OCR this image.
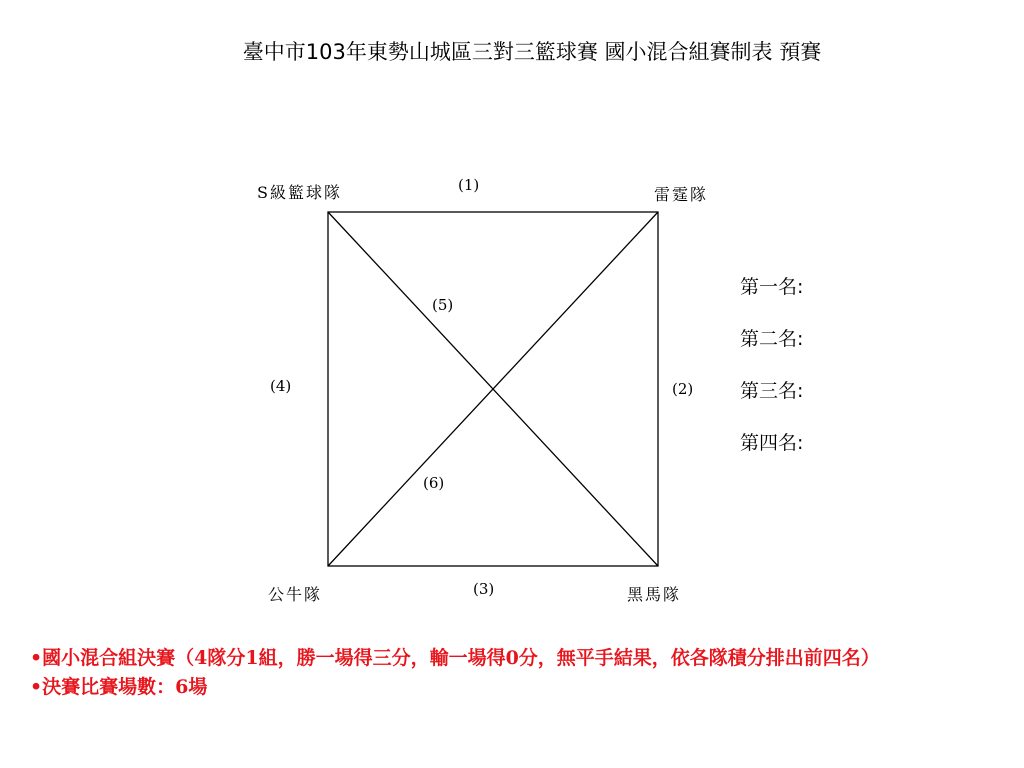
臺中市103年東勢山城區三對三籃球賽 國小混合組賽制表 預賽
S級籃球隊	雷霆隊
公牛隊	黑馬隊
(1)
(2)
(3)
(4)
(5)
(6)
第一名:
第二名:
第三名:
第四名:

•國小混合組決賽（4隊分1組，勝一場得三分，輸一場得0分，無平手結果，依各隊積分排出前四名）

•決賽比賽場數：6場
